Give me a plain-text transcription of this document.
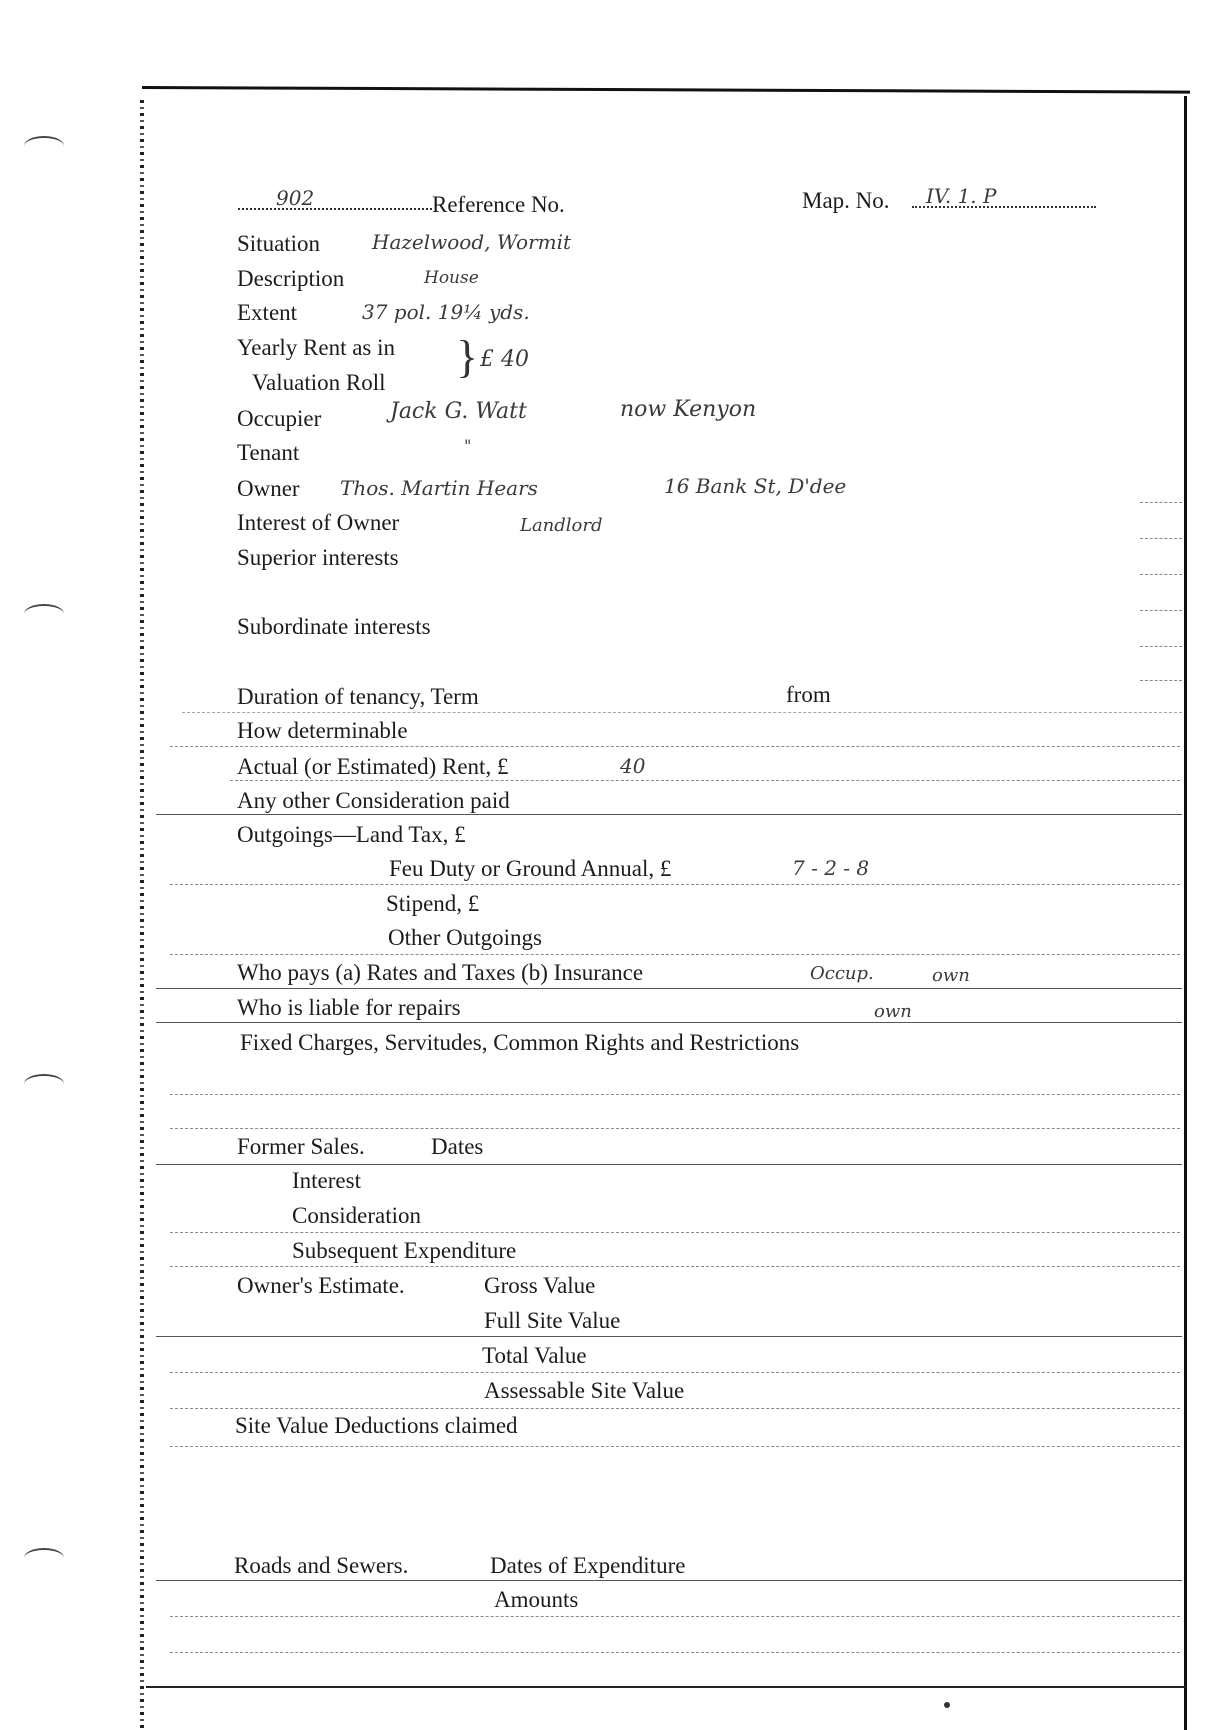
902	Reference No.	Map. No. IV. 1. P
Situation	Hazelwood, Wormit
Description	House
Extent	37 pol. 19¼ yds.
Yearly Rent as in
Valuation Roll
} £ 40
Occupier	Jack G. Watt	now Kenyon
Tenant	"
Owner Thos. Martin Hears	16 Bank St, D'dee
Interest of Owner	Landlord
Superior interests
Subordinate interests
Duration of tenancy, Term	from
How determinable
Actual (or Estimated) Rent, £	40
Any other Consideration paid
Outgoings—Land Tax, £
Feu Duty or Ground Annual, £	7 - 2 - 8
Stipend, £
Other Outgoings
Who pays (a) Rates and Taxes (b) Insurance	Occup.	own
Who is liable for repairs	own
Fixed Charges, Servitudes, Common Rights and Restrictions
Former Sales.	Dates
Interest
Consideration
Subsequent Expenditure
Owner's Estimate.	Gross Value
Full Site Value
Total Value
Assessable Site Value
Site Value Deductions claimed
Roads and Sewers.	Dates of Expenditure
Amounts
